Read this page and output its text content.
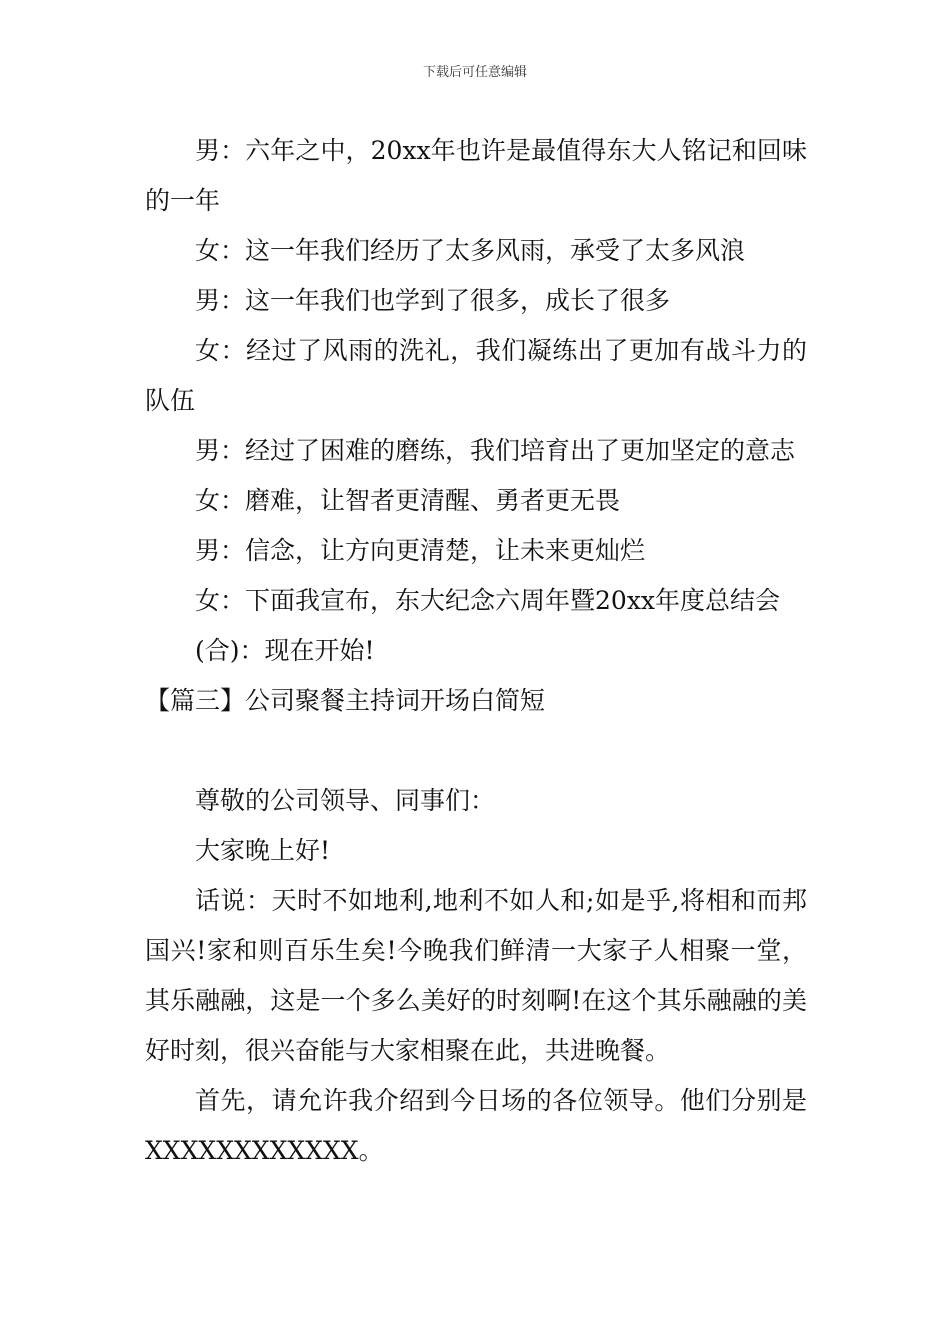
下载后可任意编辑

男：六年之中，20xx年也许是最值得东大人铭记和回味的一年

女：这一年我们经历了太多风雨，承受了太多风浪

男：这一年我们也学到了很多，成长了很多

女：经过了风雨的洗礼，我们凝练出了更加有战斗力的队伍

男：经过了困难的磨练，我们培育出了更加坚定的意志

女：磨难，让智者更清醒、勇者更无畏

男：信念，让方向更清楚，让未来更灿烂

女：下面我宣布，东大纪念六周年暨20xx年度总结会

(合)：现在开始!

【篇三】公司聚餐主持词开场白简短

尊敬的公司领导、同事们：

大家晚上好!

话说：天时不如地利,地利不如人和;如是乎,将相和而邦国兴!家和则百乐生矣!今晚我们鲜清一大家子人相聚一堂，其乐融融，这是一个多么美好的时刻啊!在这个其乐融融的美好时刻，很兴奋能与大家相聚在此，共进晚餐。

首先，请允许我介绍到今日场的各位领导。他们分别是XXXXXXXXXXXX。
